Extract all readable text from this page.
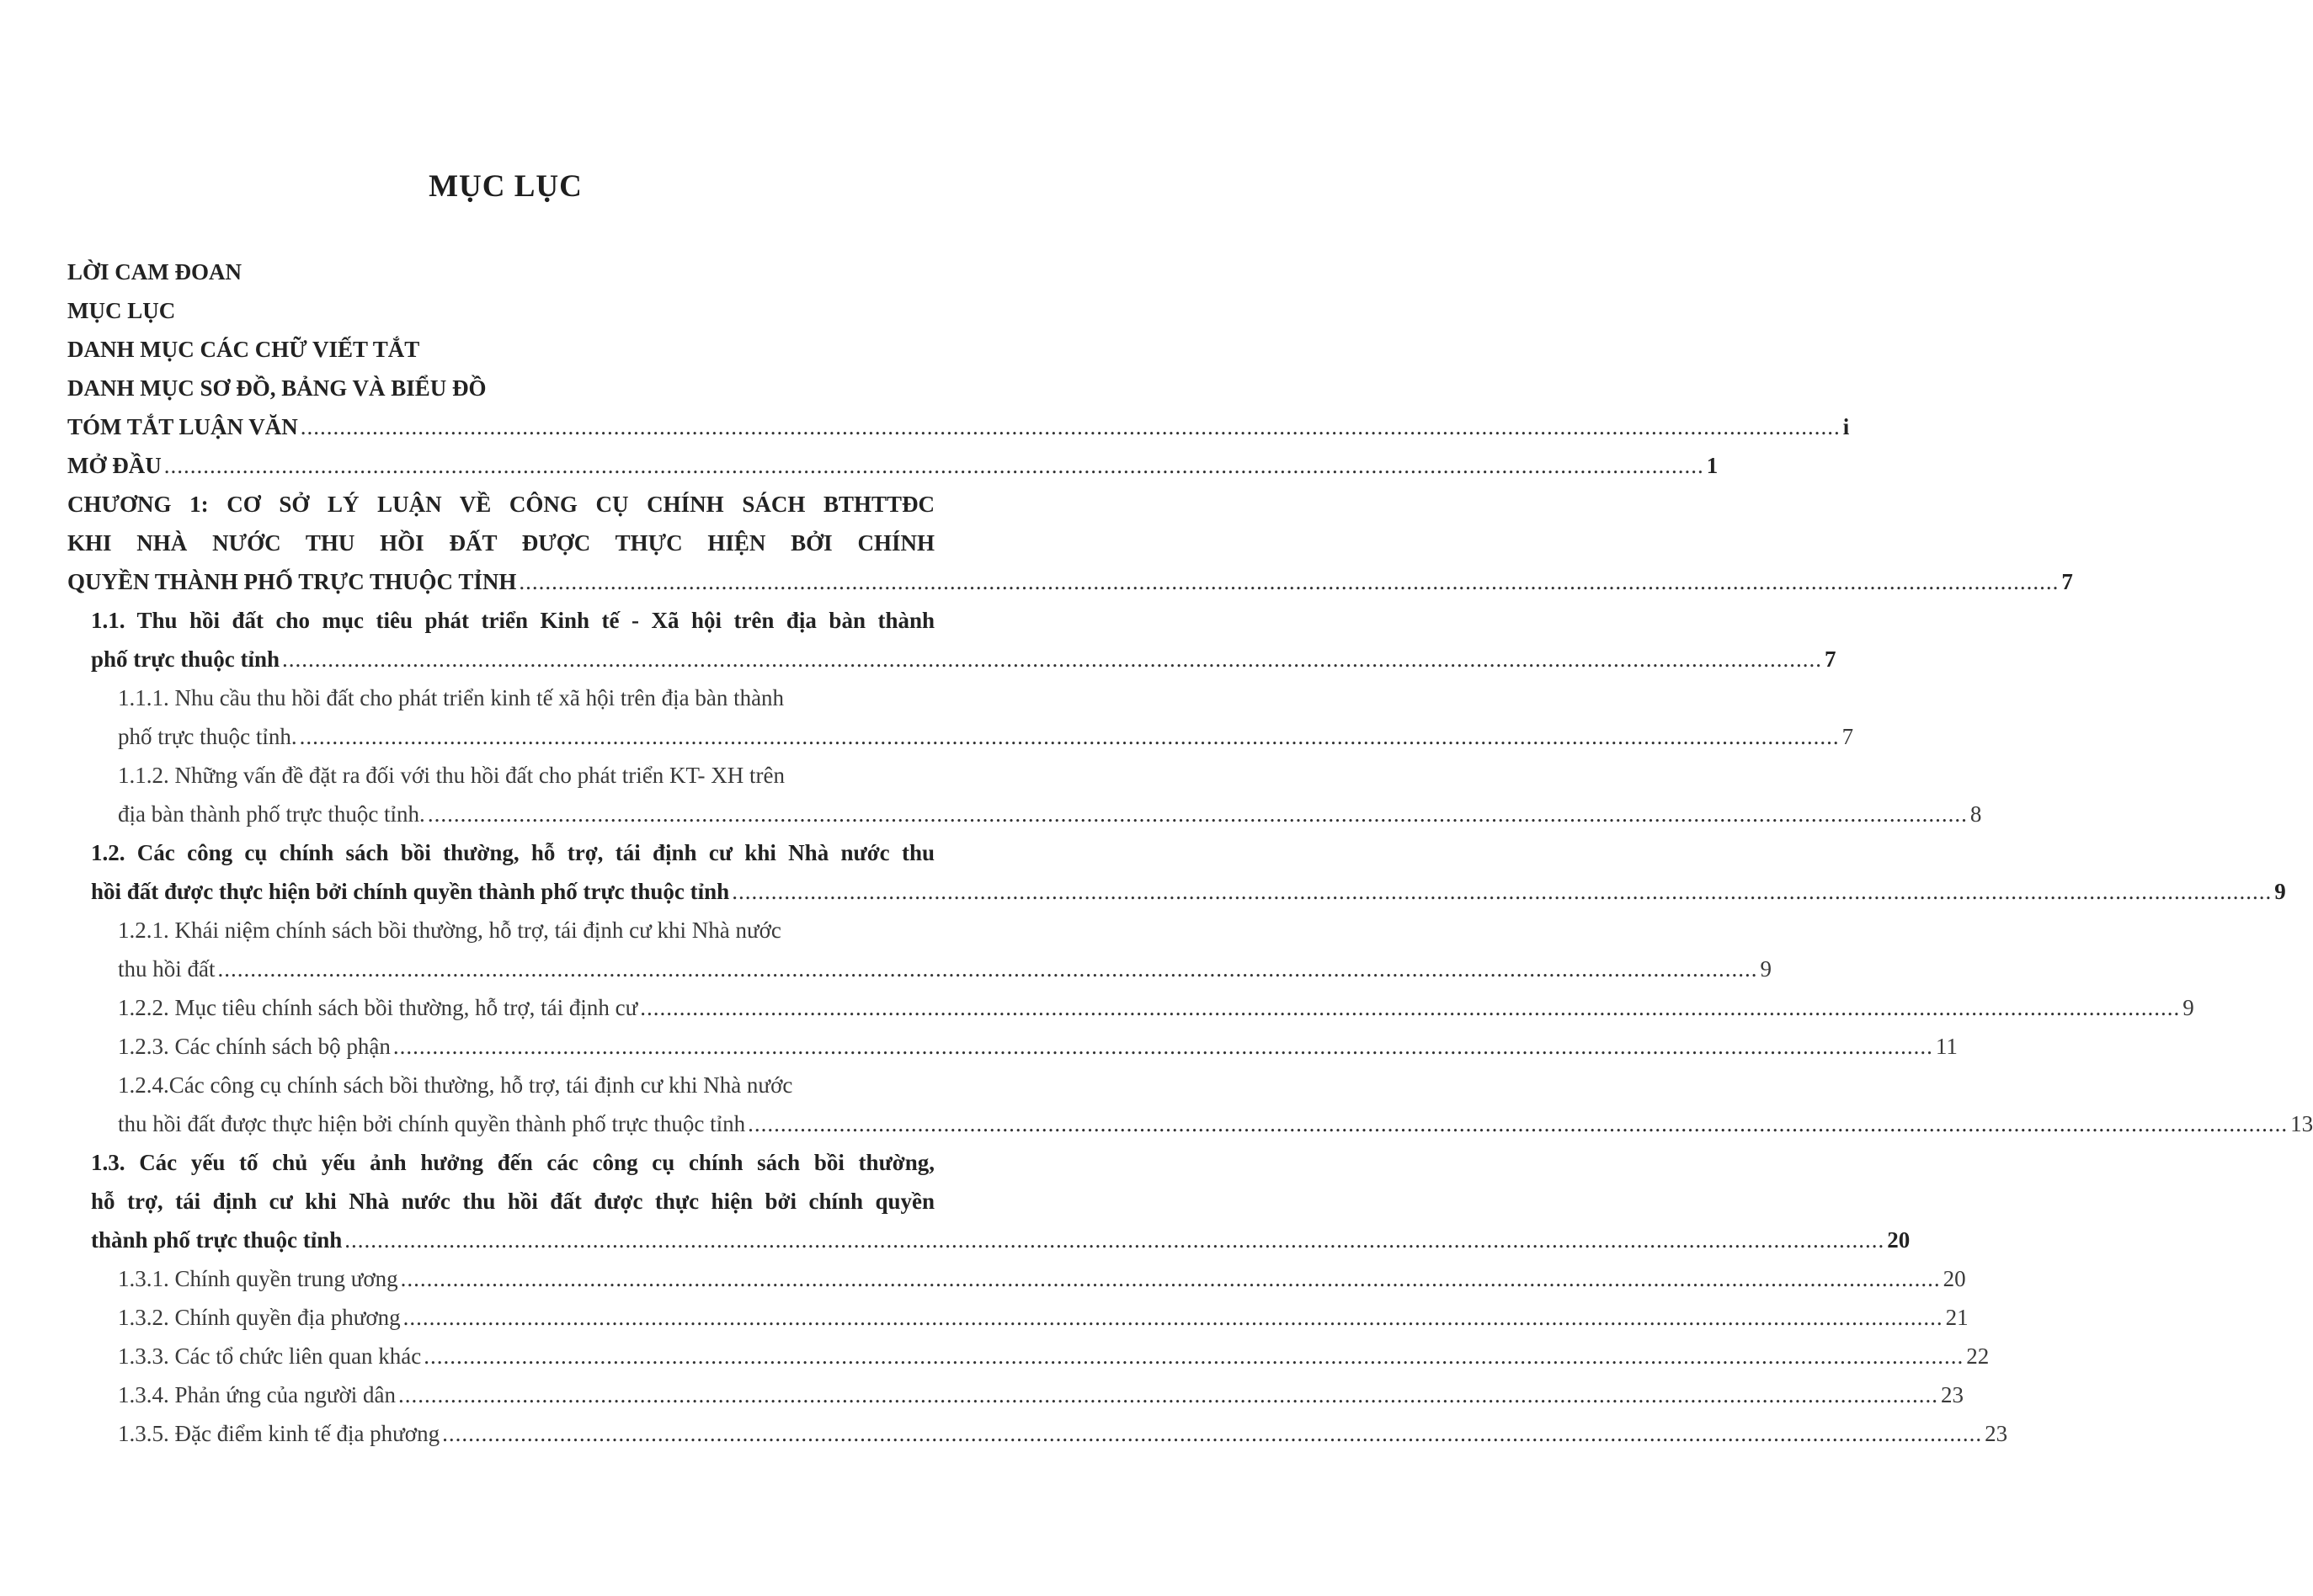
MỤC LỤC
LỜI CAM ĐOAN
MỤC LỤC
DANH MỤC CÁC CHỮ VIẾT TẮT
DANH MỤC SƠ ĐỒ, BẢNG VÀ BIỂU ĐỒ
TÓM TẮT LUẬN VĂN .....	i
MỞ ĐẦU .....	1
CHƯƠNG 1: CƠ SỞ LÝ LUẬN VỀ CÔNG CỤ CHÍNH SÁCH BTHTTĐC
KHI NHÀ NƯỚC THU HỒI ĐẤT ĐƯỢC THỰC HIỆN BỞI CHÍNH
QUYỀN THÀNH PHỐ TRỰC THUỘC TỈNH .....	7
1.1. Thu hồi đất cho mục tiêu phát triển Kinh tế - Xã hội trên địa bàn thành
phố trực thuộc tỉnh .....	7
1.1.1. Nhu cầu thu hồi đất cho phát triển kinh tế xã hội trên địa bàn thành
phố trực thuộc tỉnh. .....	7
1.1.2. Những vấn đề đặt ra đối với thu hồi đất cho phát triển KT- XH trên
địa bàn thành phố trực thuộc tỉnh. .....	8
1.2. Các công cụ chính sách bồi thường, hỗ trợ, tái định cư khi Nhà nước thu
hồi đất được thực hiện bởi chính quyền thành phố trực thuộc tỉnh .....	9
1.2.1. Khái niệm chính sách bồi thường, hỗ trợ, tái định cư khi Nhà nước
thu hồi đất .....	9
1.2.2. Mục tiêu chính sách bồi thường, hỗ trợ, tái định cư .....	9
1.2.3. Các chính sách bộ phận .....	11
1.2.4.Các công cụ chính sách bồi thường, hỗ trợ, tái định cư khi Nhà nước
thu hồi đất được thực hiện bởi chính quyền thành phố trực thuộc tỉnh .....	13
1.3. Các yếu tố chủ yếu ảnh hưởng đến các công cụ chính sách bồi thường,
hỗ trợ, tái định cư khi Nhà nước thu hồi đất được thực hiện bởi chính quyền
thành phố trực thuộc tỉnh .....	20
1.3.1. Chính quyền trung ương .....	20
1.3.2. Chính quyền địa phương .....	21
1.3.3. Các tổ chức liên quan khác .....	22
1.3.4. Phản ứng của người dân .....	23
1.3.5. Đặc điểm kinh tế địa phương .....	23
